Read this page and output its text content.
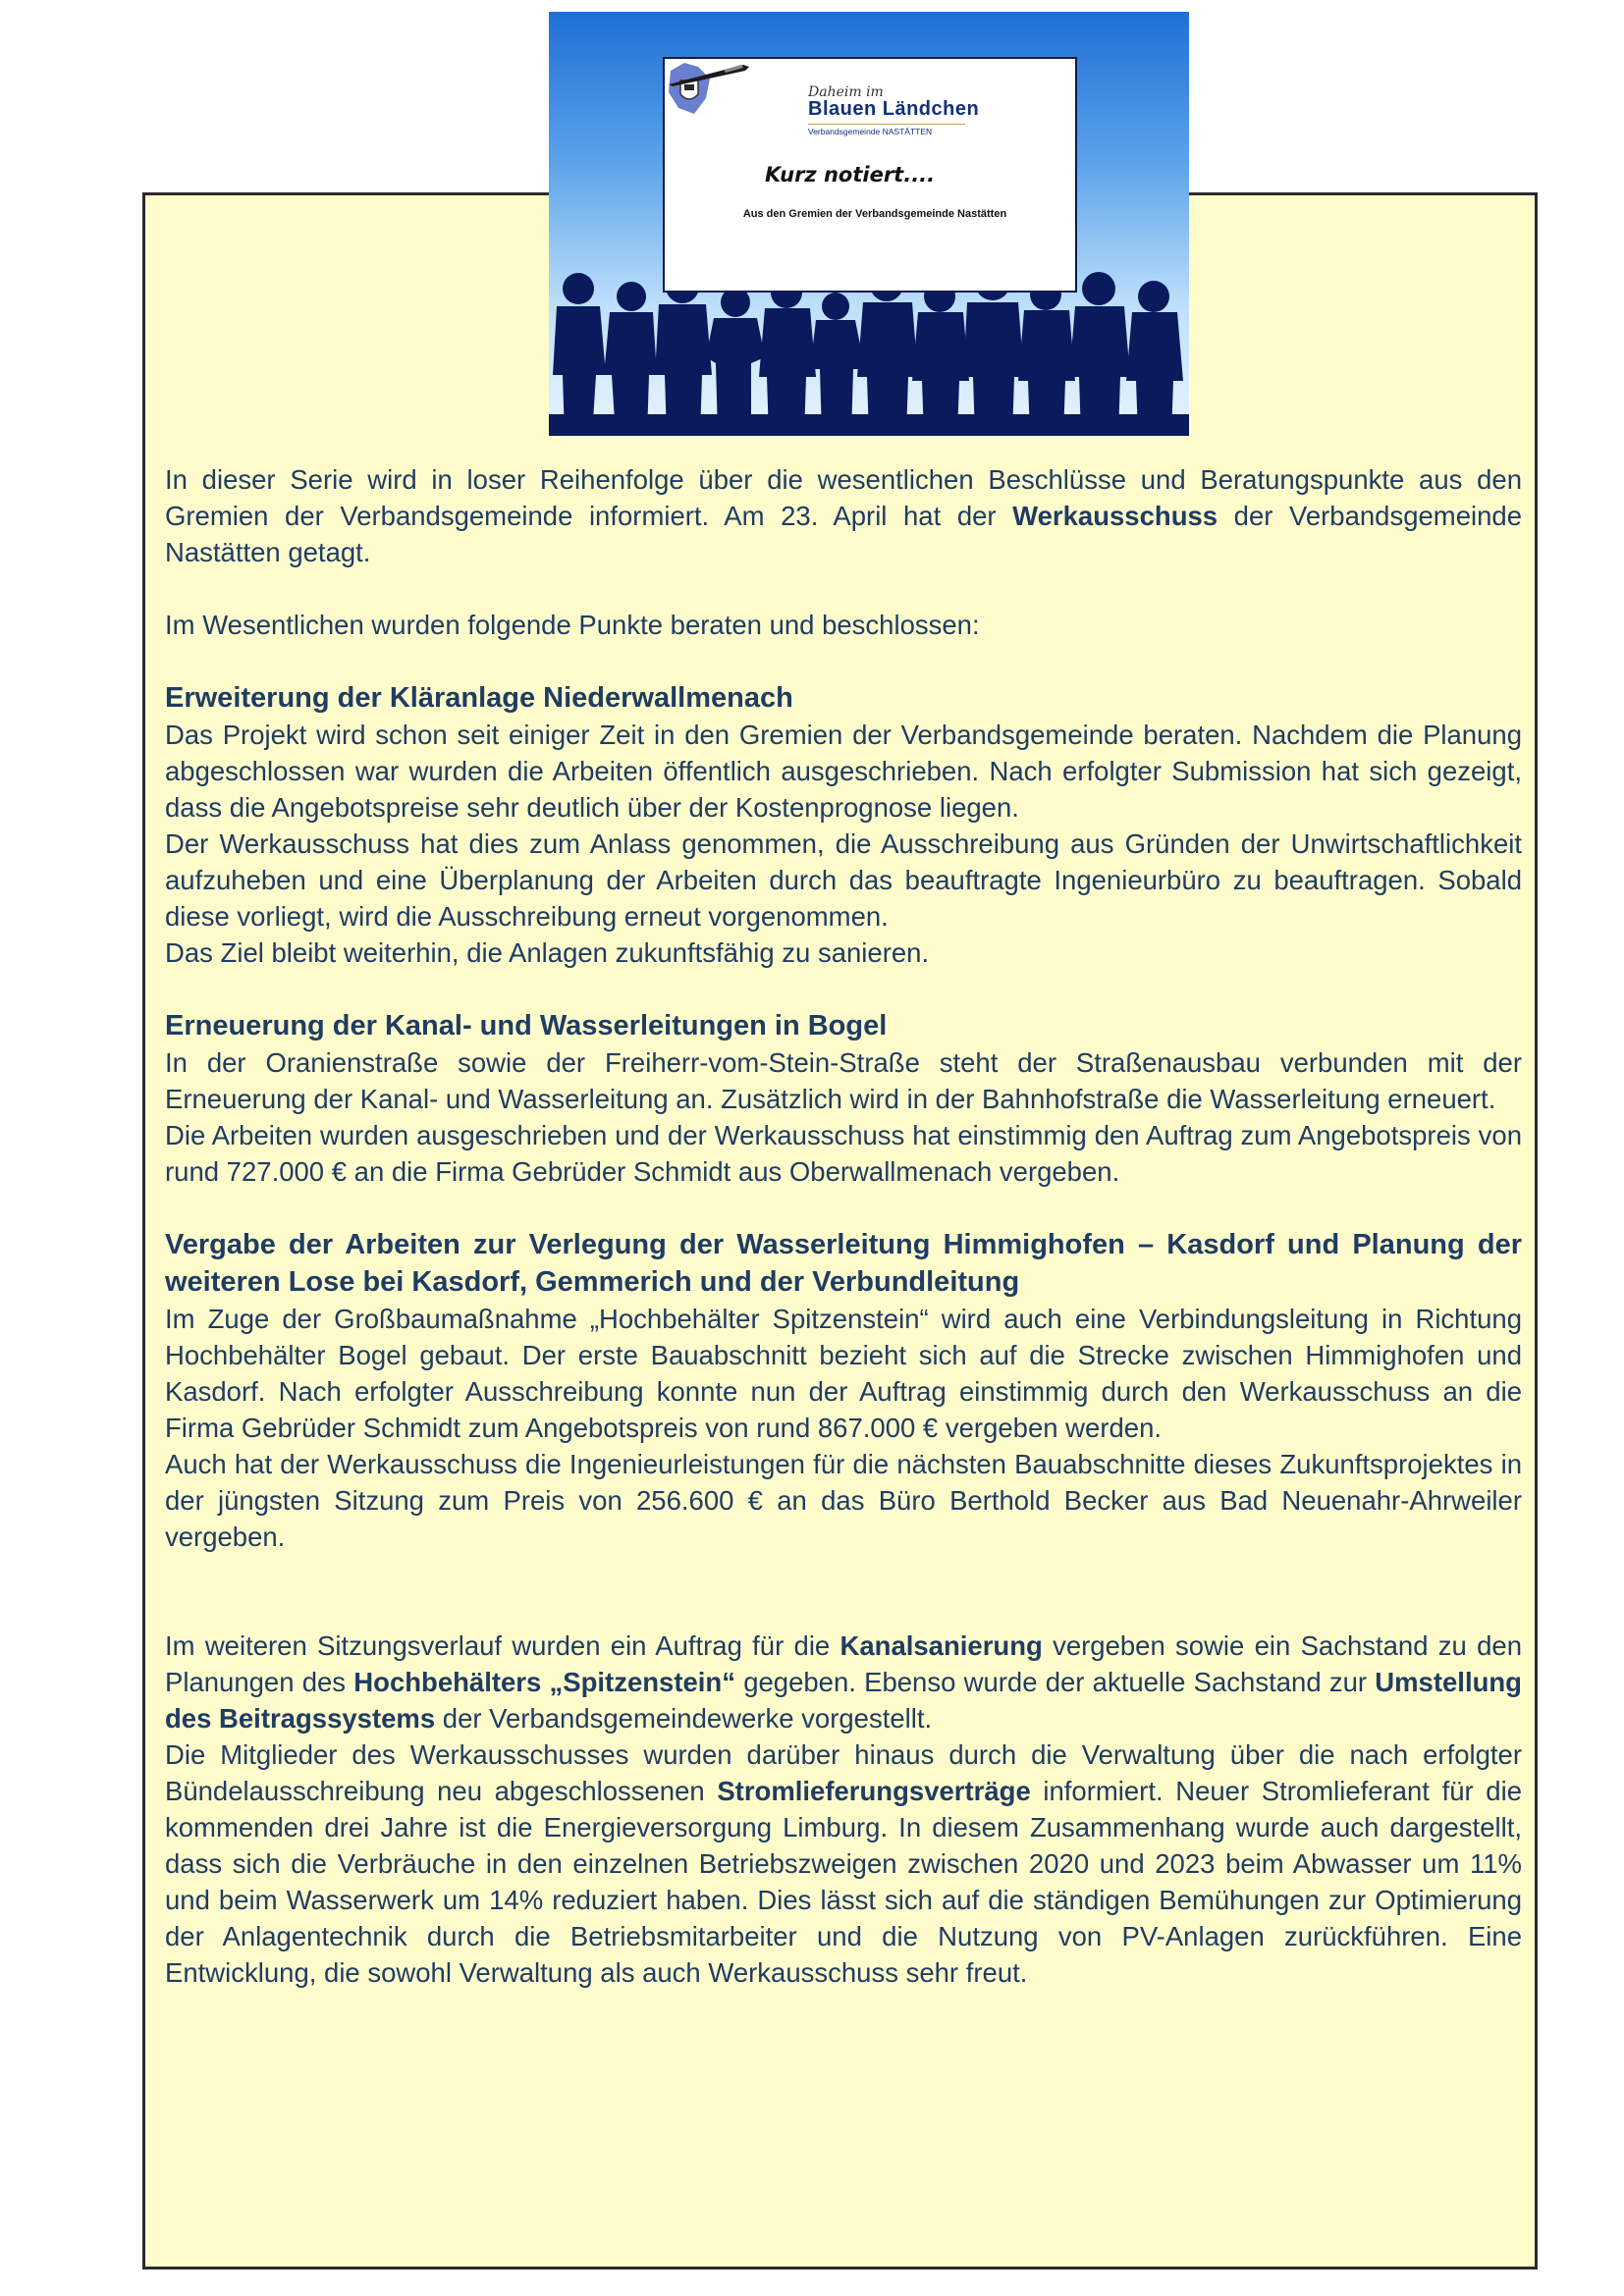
Daheim im
Blauen Ländchen
Verbandsgemeinde NASTÄTTEN
Kurz notiert....
Aus den Gremien der Verbandsgemeinde Nastätten

In dieser Serie wird in loser Reihenfolge über die wesentlichen Beschlüsse und Beratungspunkte aus den Gremien der Verbandsgemeinde informiert. Am 23. April hat der Werkausschuss der Verbandsgemeinde Nastätten getagt.

Im Wesentlichen wurden folgende Punkte beraten und beschlossen:

Erweiterung der Kläranlage Niederwallmenach

Das Projekt wird schon seit einiger Zeit in den Gremien der Verbandsgemeinde beraten. Nachdem die Planung abgeschlossen war wurden die Arbeiten öffentlich ausgeschrieben. Nach erfolgter Submission hat sich gezeigt, dass die Angebotspreise sehr deutlich über der Kostenprognose liegen.

Der Werkausschuss hat dies zum Anlass genommen, die Ausschreibung aus Gründen der Unwirtschaftlichkeit aufzuheben und eine Überplanung der Arbeiten durch das beauftragte Ingenieurbüro zu beauftragen. Sobald diese vorliegt, wird die Ausschreibung erneut vorgenommen.

Das Ziel bleibt weiterhin, die Anlagen zukunftsfähig zu sanieren.

Erneuerung der Kanal- und Wasserleitungen in Bogel

In der Oranienstraße sowie der Freiherr-vom-Stein-Straße steht der Straßenausbau verbunden mit der Erneuerung der Kanal- und Wasserleitung an. Zusätzlich wird in der Bahnhofstraße die Wasserleitung erneuert.

Die Arbeiten wurden ausgeschrieben und der Werkausschuss hat einstimmig den Auftrag zum Angebotspreis von rund 727.000 € an die Firma Gebrüder Schmidt aus Oberwallmenach vergeben.

Vergabe der Arbeiten zur Verlegung der Wasserleitung Himmighofen – Kasdorf und Planung der weiteren Lose bei Kasdorf, Gemmerich und der Verbundleitung

Im Zuge der Großbaumaßnahme „Hochbehälter Spitzenstein“ wird auch eine Verbindungsleitung in Richtung Hochbehälter Bogel gebaut. Der erste Bauabschnitt bezieht sich auf die Strecke zwischen Himmighofen und Kasdorf. Nach erfolgter Ausschreibung konnte nun der Auftrag einstimmig durch den Werkausschuss an die Firma Gebrüder Schmidt zum Angebotspreis von rund 867.000 € vergeben werden.

Auch hat der Werkausschuss die Ingenieurleistungen für die nächsten Bauabschnitte dieses Zukunftsprojektes in der jüngsten Sitzung zum Preis von 256.600 € an das Büro Berthold Becker aus Bad Neuenahr-Ahrweiler vergeben.

Im weiteren Sitzungsverlauf wurden ein Auftrag für die Kanalsanierung vergeben sowie ein Sachstand zu den Planungen des Hochbehälters „Spitzenstein“ gegeben. Ebenso wurde der aktuelle Sachstand zur Umstellung des Beitragssystems der Verbandsgemeindewerke vorgestellt.

Die Mitglieder des Werkausschusses wurden darüber hinaus durch die Verwaltung über die nach erfolgter Bündelausschreibung neu abgeschlossenen Stromlieferungsverträge informiert. Neuer Stromlieferant für die kommenden drei Jahre ist die Energieversorgung Limburg. In diesem Zusammenhang wurde auch dargestellt, dass sich die Verbräuche in den einzelnen Betriebszweigen zwischen 2020 und 2023 beim Abwasser um 11% und beim Wasserwerk um 14% reduziert haben. Dies lässt sich auf die ständigen Bemühungen zur Optimierung der Anlagentechnik durch die Betriebsmitarbeiter und die Nutzung von PV-Anlagen zurückführen. Eine Entwicklung, die sowohl Verwaltung als auch Werkausschuss sehr freut.
